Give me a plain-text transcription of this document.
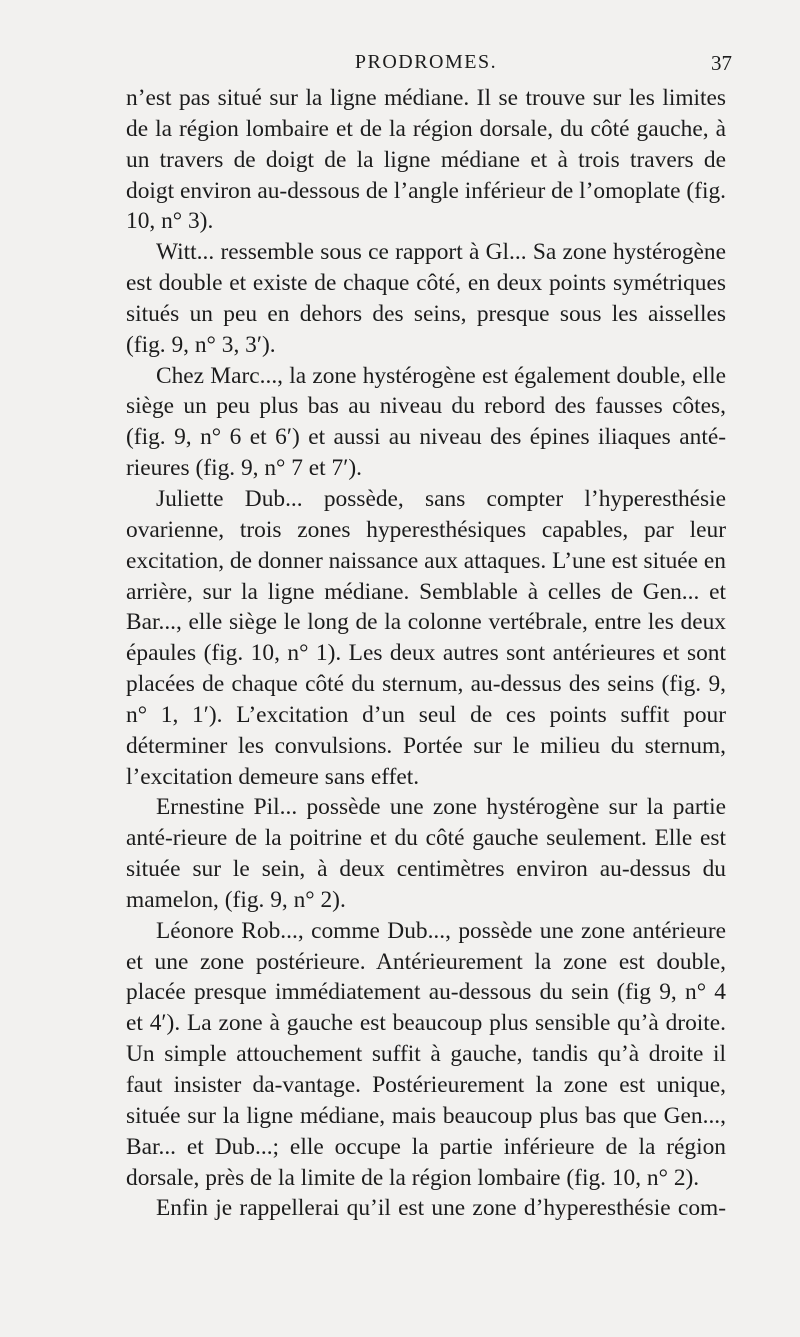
PRODROMES.	37

n’est pas situé sur la ligne médiane. Il se trouve sur les limites de la région lombaire et de la région dorsale, du côté gauche, à un travers de doigt de la ligne médiane et à trois travers de doigt environ au-dessous de l’angle inférieur de l’omoplate (fig. 10, n° 3).

Witt... ressemble sous ce rapport à Gl... Sa zone hystérogène est double et existe de chaque côté, en deux points symétriques situés un peu en dehors des seins, presque sous les aisselles (fig. 9, n° 3, 3′).

Chez Marc..., la zone hystérogène est également double, elle siège un peu plus bas au niveau du rebord des fausses côtes, (fig. 9, n° 6 et 6′) et aussi au niveau des épines iliaques anté-rieures (fig. 9, n° 7 et 7′).

Juliette Dub... possède, sans compter l’hyperesthésie ovarienne, trois zones hyperesthésiques capables, par leur excitation, de donner naissance aux attaques. L’une est située en arrière, sur la ligne médiane. Semblable à celles de Gen... et Bar..., elle siège le long de la colonne vertébrale, entre les deux épaules (fig. 10, n° 1). Les deux autres sont antérieures et sont placées de chaque côté du sternum, au-dessus des seins (fig. 9, n° 1, 1′). L’excitation d’un seul de ces points suffit pour déterminer les convulsions. Portée sur le milieu du sternum, l’excitation demeure sans effet.

Ernestine Pil... possède une zone hystérogène sur la partie anté-rieure de la poitrine et du côté gauche seulement. Elle est située sur le sein, à deux centimètres environ au-dessus du mamelon, (fig. 9, n° 2).

Léonore Rob..., comme Dub..., possède une zone antérieure et une zone postérieure. Antérieurement la zone est double, placée presque immédiatement au-dessous du sein (fig 9, n° 4 et 4′). La zone à gauche est beaucoup plus sensible qu’à droite. Un simple attouchement suffit à gauche, tandis qu’à droite il faut insister da-vantage. Postérieurement la zone est unique, située sur la ligne médiane, mais beaucoup plus bas que Gen..., Bar... et Dub...; elle occupe la partie inférieure de la région dorsale, près de la limite de la région lombaire (fig. 10, n° 2).

Enfin je rappellerai qu’il est une zone d’hyperesthésie com-
